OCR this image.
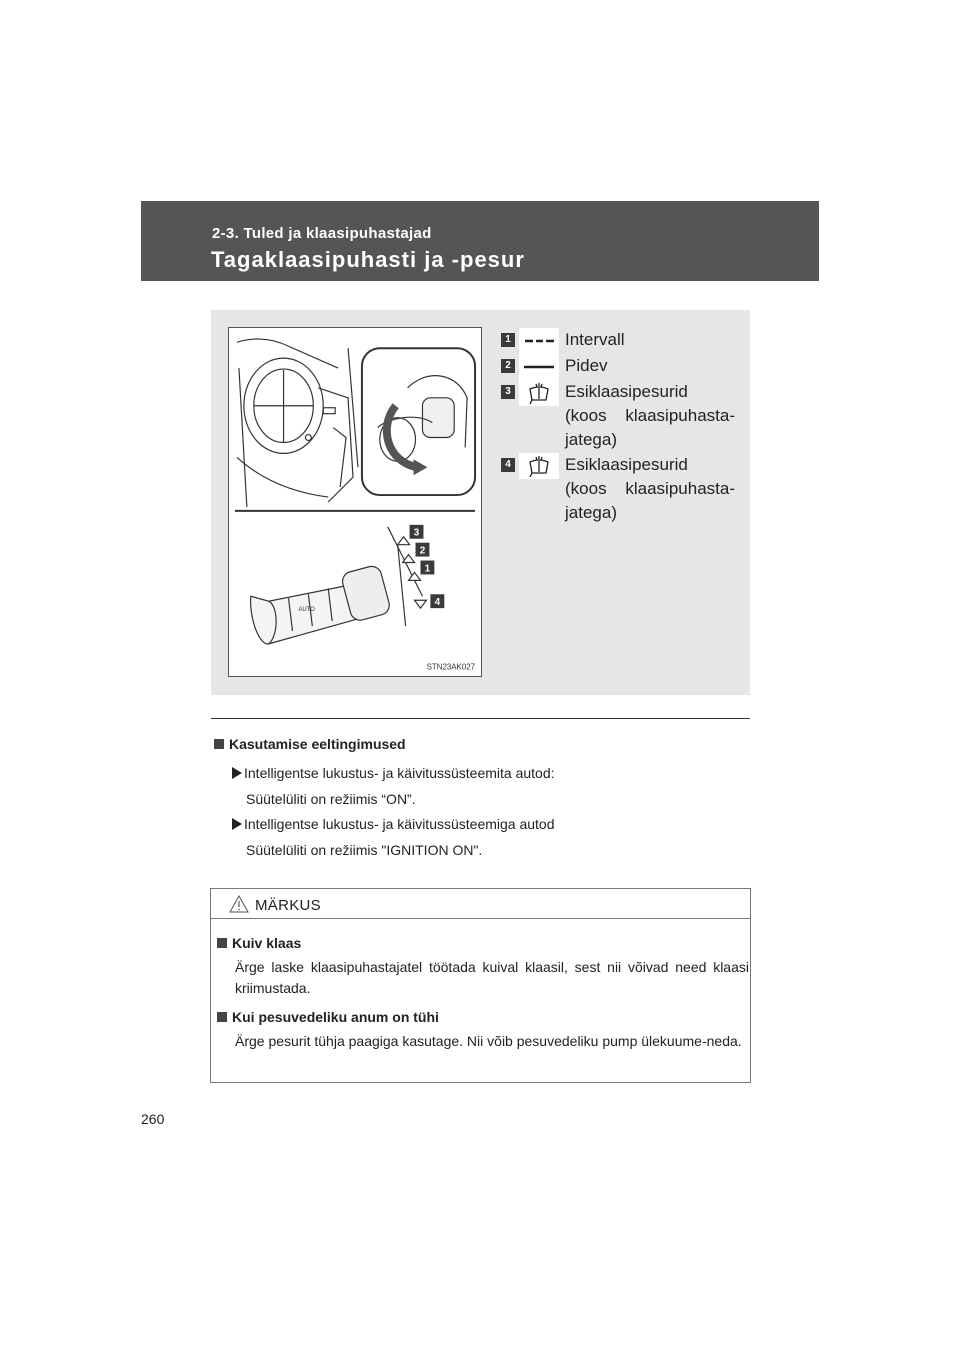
2-3. Tuled ja klaasipuhastajad
Tagaklaasipuhasti ja -pesur
AUTO
3
2
1
4
STN23AK027
1	Intervall
2	Pidev
3	Esiklaasipesurid
(koos klaasipuhasta-
jatega)
4	Esiklaasipesurid
(koos klaasipuhasta-
jatega)
Kasutamise eeltingimused
Intelligentse lukustus- ja käivitussüsteemita autod:
Süütelüliti on režiimis “ON”.
Intelligentse lukustus- ja käivitussüsteemiga autod
Süütelüliti on režiimis "IGNITION ON".
MÄRKUS
Kuiv klaas
Ärge laske klaasipuhastajatel töötada kuival klaasil, sest nii võivad need klaasi kriimustada.
Kui pesuvedeliku anum on tühi
Ärge pesurit tühja paagiga kasutage. Nii võib pesuvedeliku pump ülekuume-neda.
260
